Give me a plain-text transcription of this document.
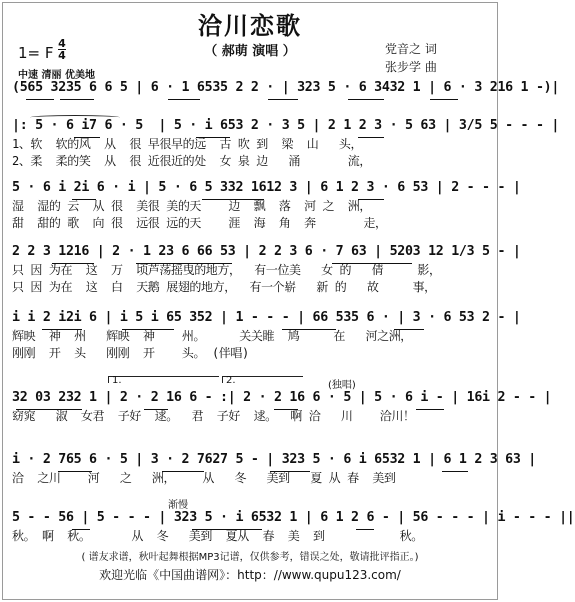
洽川恋歌
（ 郝萌 演唱 ）	党音之 词
张步学 曲
1= F
4
4
中速 清丽 优美地
(565 3235 6 6 5 | 6 · 1 6535 2 2 · | 323 5 · 6 3432 1 | 6 · 3 216 1 -)|
|: 5 · 6 i7 6 · 5  | 5 · i 653 2 · 3 5 | 2 1 2 3 · 5 63 | 3/5 5 - - - |
1、软  软的风  从  很 早很早的远  古 吹 到  梁  山   头，
2、柔  柔的笑  从  很 近很近的处  女 泉 边   涌       流，
5 · 6 i 2i 6 · i | 5 · 6 5 332 1612 3 | 6 1 2 3 · 6 53 | 2 - - - |
湿  湿的 云  从 很  美很 美的天    边  飘  落  河 之  洲，
甜  甜的 歌  向 很  远很 远的天    涯  海  角  奔       走，
2 2 3 1216 | 2 · 1 23 6 66 53 | 2 2 3 6 · 7 63 | 5203 12 1/3 5 - |
只 因 为在  这  万  顷芦荡摇曳的地方，  有一位美   女 的   倩     影，
只 因 为在  这  白  天鹅 展翅的地方，  有一个崭   新 的   故     事，
i i 2 i2i 6 | i 5 i 65 352 | 1 - - - | 66 535 6 · | 3 · 6 53 2 - |
辉映  神  州   辉映  神    州。     关关睢  鸠     在   河之洲，
刚刚  开  头   刚刚  开    头。 (伴唱)
1.	2.	(独唱)
32 03 232 1 | 2 · 2 16 6 - :| 2 · 2 16 6 · 5 | 5 · 6 i - | 16i 2 - - |
窈窕   淑  女君  子好  逑。  君  子好  逑。  啊 洽   川    洽川！
i · 2 765 6 · 5 | 3 · 2 7627 5 - | 323 5 · 6 i 6532 1 | 6 1 2 3 63 |
洽  之川    河   之   洲，    从   冬   美到   夏 从 春  美到
渐慢
5 - - 56 | 5 - - - | 323 5 · i 6532 1 | 6 1 2 6 - | 56 - - - | i - - - ||
秋。 啊  秋。      从  冬   美到  夏从  春  美  到           秋。
( 谱友求谱，秋叶起舞根据MP3记谱，仅供参考，错误之处，敬请批评指正。)
欢迎光临《中国曲谱网》：http：//www.qupu123.com/
